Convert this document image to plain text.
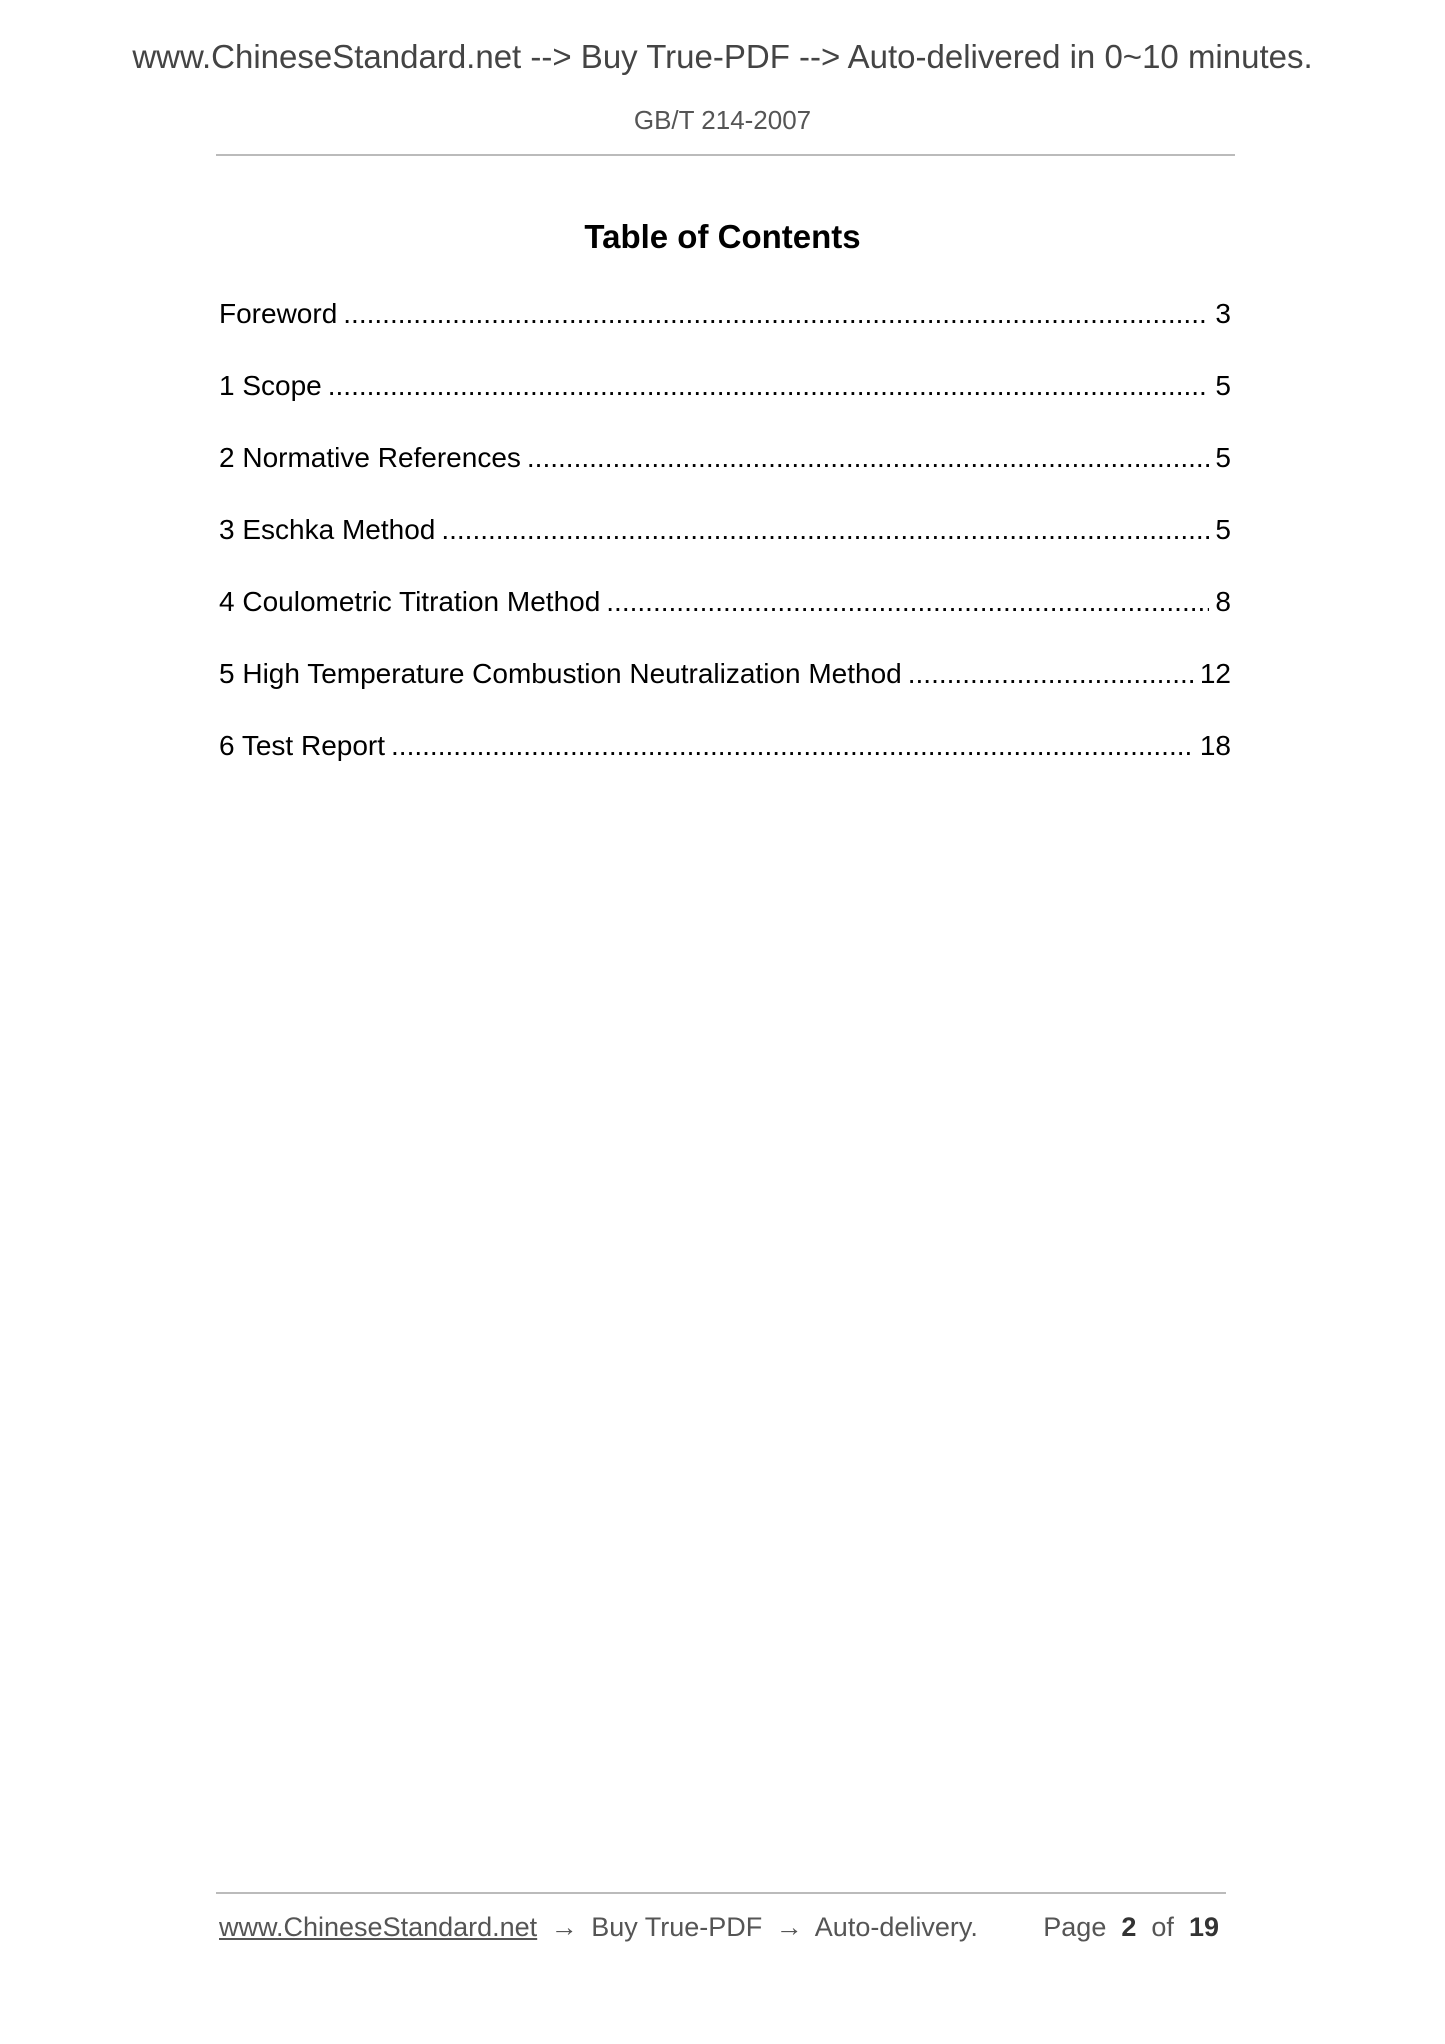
www.ChineseStandard.net --> Buy True-PDF --> Auto-delivered in 0~10 minutes.
GB/T 214-2007
Table of Contents
Foreword .....	3
1 Scope .....	5
2 Normative References .....	5
3 Eschka Method .....	5
4 Coulometric Titration Method .....	8
5 High Temperature Combustion Neutralization Method .....	12
6 Test Report .....	18
www.ChineseStandard.net → Buy True-PDF → Auto-delivery. Page 2 of 19
